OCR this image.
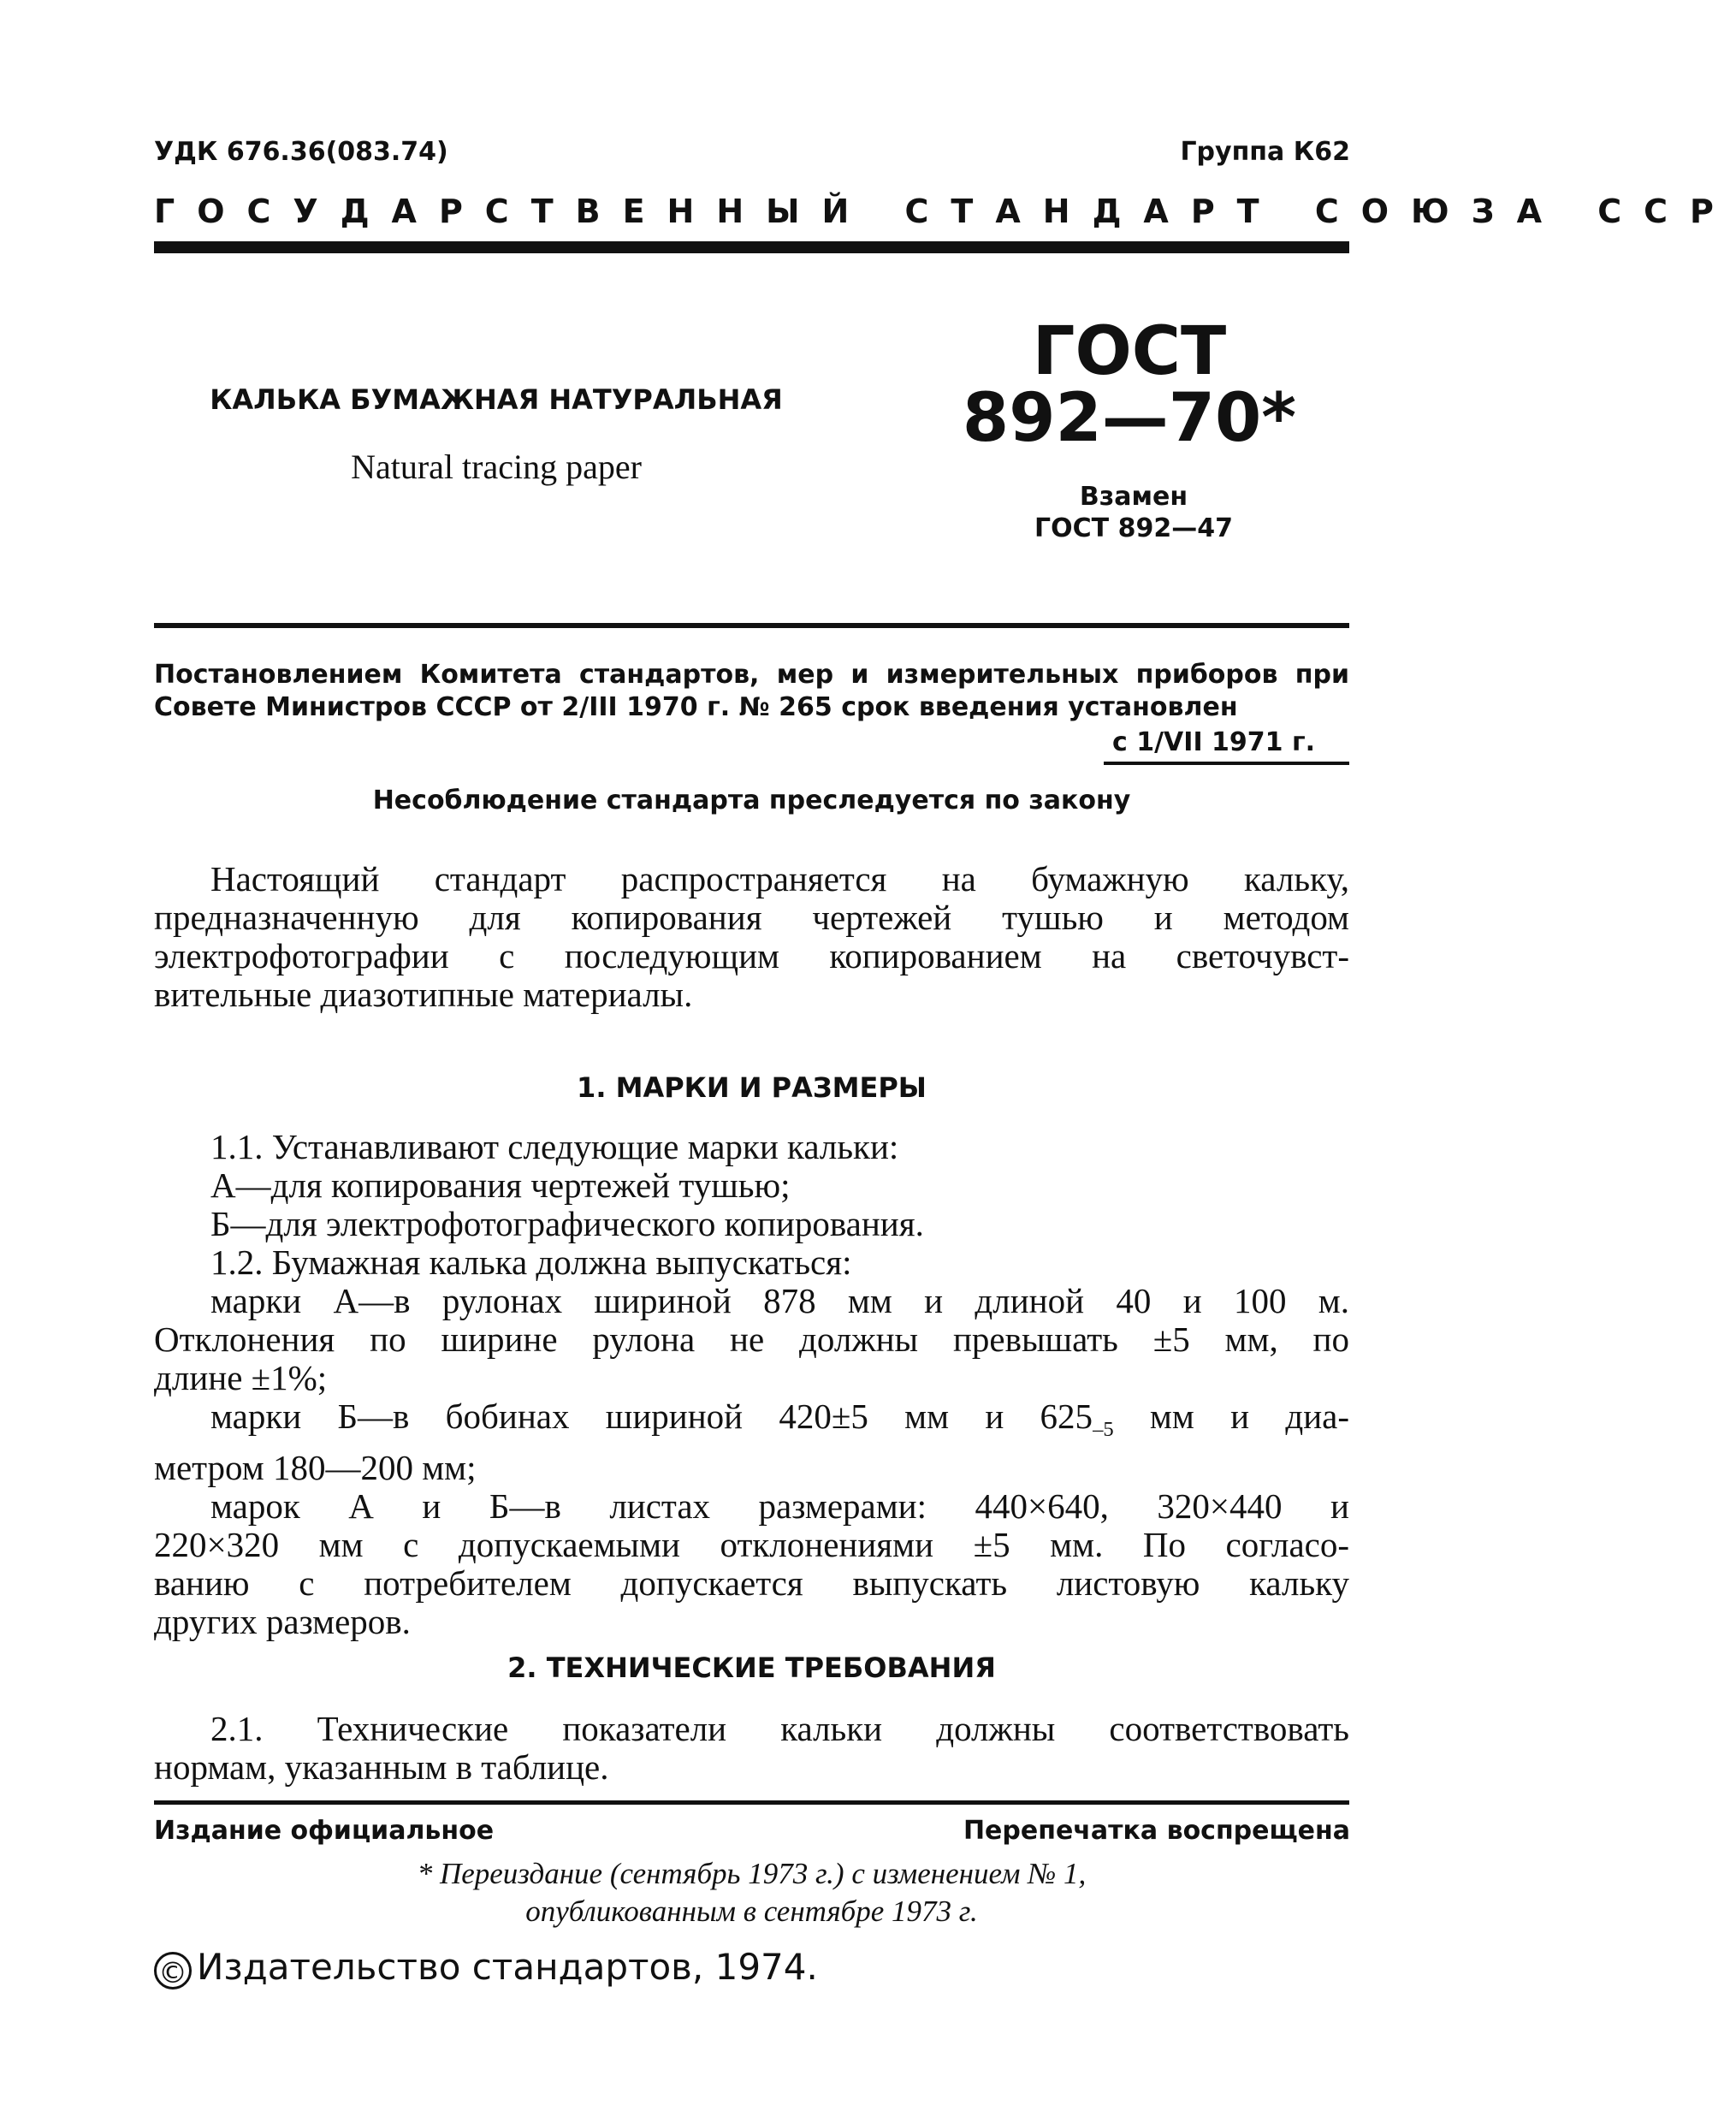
УДК 676.36(083.74)	Группа К62
ГОСУДАРСТВЕННЫЙ СТАНДАРТ СОЮЗА ССР
КАЛЬКА БУМАЖНАЯ НАТУРАЛЬНАЯ
Natural tracing paper
ГОСТ
892—70*
Взамен
ГОСТ 892—47
Постановлением Комитета стандартов, мер и измерительных приборов при
Совете Министров СССР от 2/III 1970 г. № 265 срок введения установлен
с 1/VII 1971 г.
Несоблюдение стандарта преследуется по закону

Настоящий стандарт распространяется на бумажную кальку,

предназначенную для копирования чертежей тушью и методом

электрофотографии с последующим копированием на светочувст-

вительные диазотипные материалы.

1. МАРКИ И РАЗМЕРЫ

1.1. Устанавливают следующие марки кальки:

А—для копирования чертежей тушью;

Б—для электрофотографического копирования.

1.2. Бумажная калька должна выпускаться:

марки А—в рулонах шириной 878 мм и длиной 40 и 100 м.

Отклонения по ширине рулона не должны превышать ±5 мм, по

длине ±1%;

марки Б—в бобинах шириной 420±5 мм и $625_{-5}$ мм и диа-

метром 180—200 мм;

марок А и Б—в листах размерами: 440×640, 320×440 и

220×320 мм с допускаемыми отклонениями ±5 мм. По согласо-

ванию с потребителем допускается выпускать листовую кальку

других размеров.

2. ТЕХНИЧЕСКИЕ ТРЕБОВАНИЯ

2.1. Технические показатели кальки должны соответствовать

нормам, указанным в таблице.

Издание официальное	Перепечатка воспрещена
* Переиздание (сентябрь 1973 г.) с изменением № 1,
опубликованным в сентябре 1973 г.
© Издательство стандартов, 1974.
